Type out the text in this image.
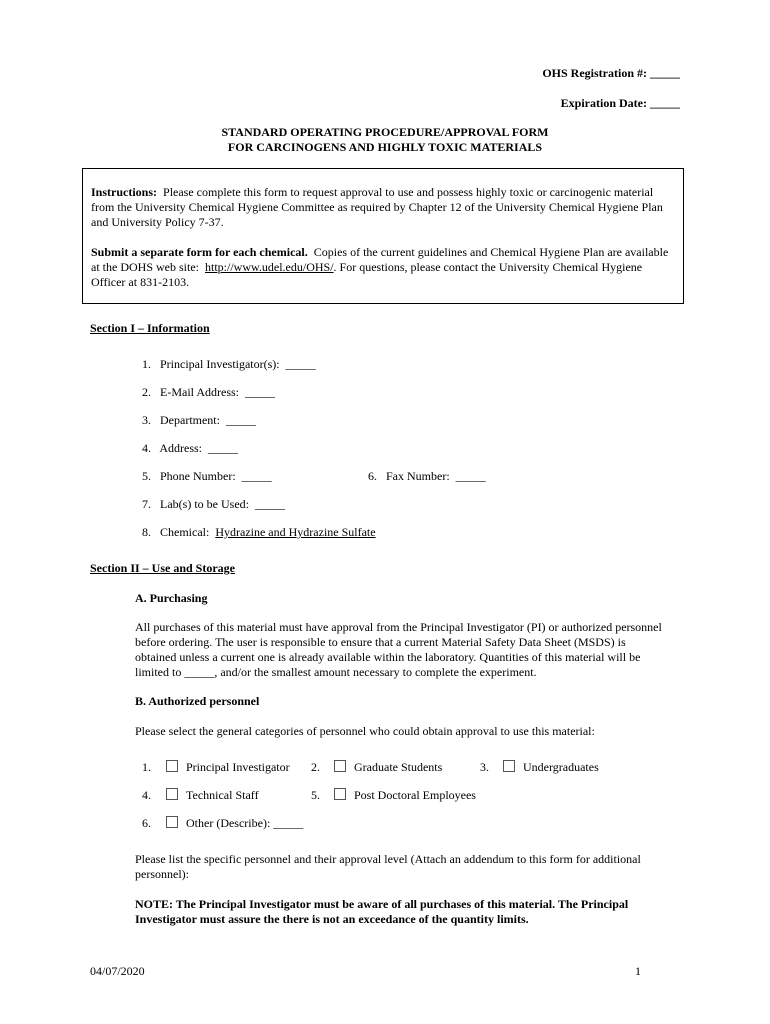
OHS Registration #: _____
Expiration Date: _____
STANDARD OPERATING PROCEDURE/APPROVAL FORM
FOR CARCINOGENS AND HIGHLY TOXIC MATERIALS
Instructions: Please complete this form to request approval to use and possess highly toxic or carcinogenic material from the University Chemical Hygiene Committee as required by Chapter 12 of the University Chemical Hygiene Plan and University Policy 7-37.
Submit a separate form for each chemical. Copies of the current guidelines and Chemical Hygiene Plan are available at the DOHS web site: http://www.udel.edu/OHS/. For questions, please contact the University Chemical Hygiene Officer at 831-2103.
Section I – Information
1. Principal Investigator(s): _____
2. E-Mail Address: _____
3. Department: _____
4. Address: _____
5. Phone Number: _____	6. Fax Number: _____
7. Lab(s) to be Used: _____
8. Chemical: Hydrazine and Hydrazine Sulfate
Section II – Use and Storage
A. Purchasing
All purchases of this material must have approval from the Principal Investigator (PI) or authorized personnel before ordering. The user is responsible to ensure that a current Material Safety Data Sheet (MSDS) is obtained unless a current one is already available within the laboratory. Quantities of this material will be limited to _____, and/or the smallest amount necessary to complete the experiment.
B. Authorized personnel
Please select the general categories of personnel who could obtain approval to use this material:
1.	Principal Investigator 2.	Graduate Students	3.	Undergraduates
4.	Technical Staff	5.	Post Doctoral Employees
6.	Other (Describe): _____
Please list the specific personnel and their approval level (Attach an addendum to this form for additional personnel):
NOTE: The Principal Investigator must be aware of all purchases of this material. The Principal Investigator must assure the there is not an exceedance of the quantity limits.
04/07/2020	1
